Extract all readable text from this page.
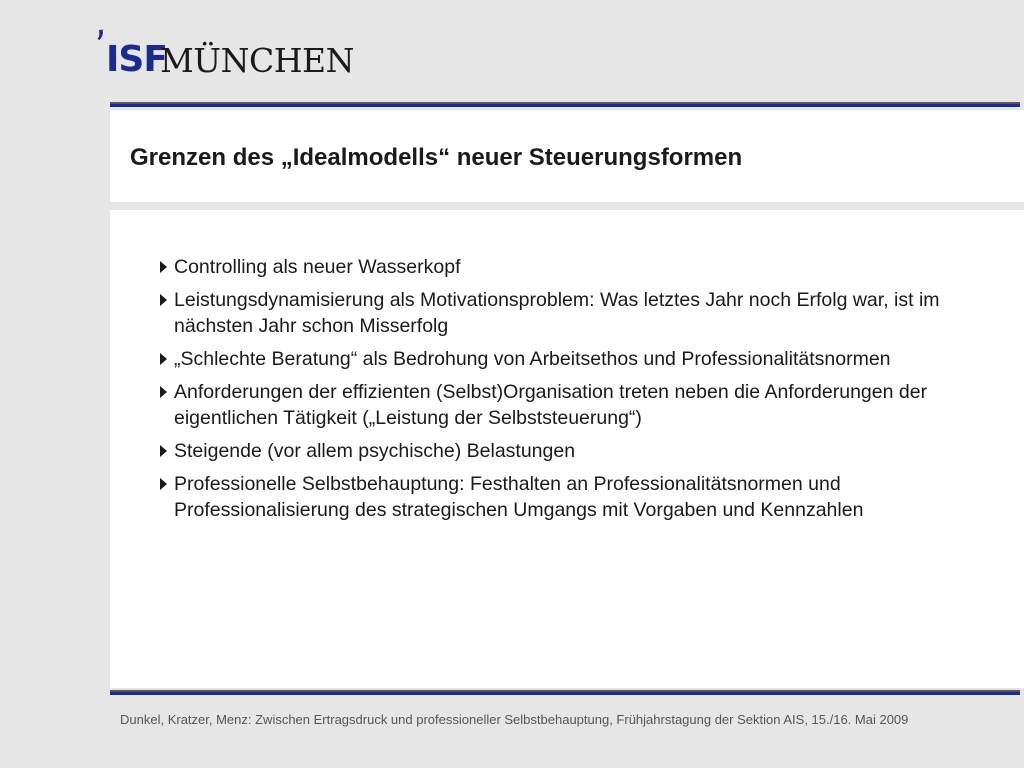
’
ISF
MÜNCHEN
Grenzen des „Idealmodells“ neuer Steuerungsformen
Controlling als neuer Wasserkopf
Leistungsdynamisierung als Motivationsproblem: Was letztes Jahr noch Erfolg war, ist im nächsten Jahr schon Misserfolg
„Schlechte Beratung“ als Bedrohung von Arbeitsethos und Professionalitätsnormen
Anforderungen der effizienten (Selbst)Organisation treten neben die Anforderungen der eigentlichen Tätigkeit („Leistung der Selbststeuerung“)
Steigende (vor allem psychische) Belastungen
Professionelle Selbstbehauptung: Festhalten an Professionalitätsnormen und Professionalisierung des strategischen Umgangs mit Vorgaben und Kennzahlen
Dunkel, Kratzer, Menz: Zwischen Ertragsdruck und professioneller Selbstbehauptung, Frühjahrstagung der Sektion AIS, 15./16. Mai 2009
